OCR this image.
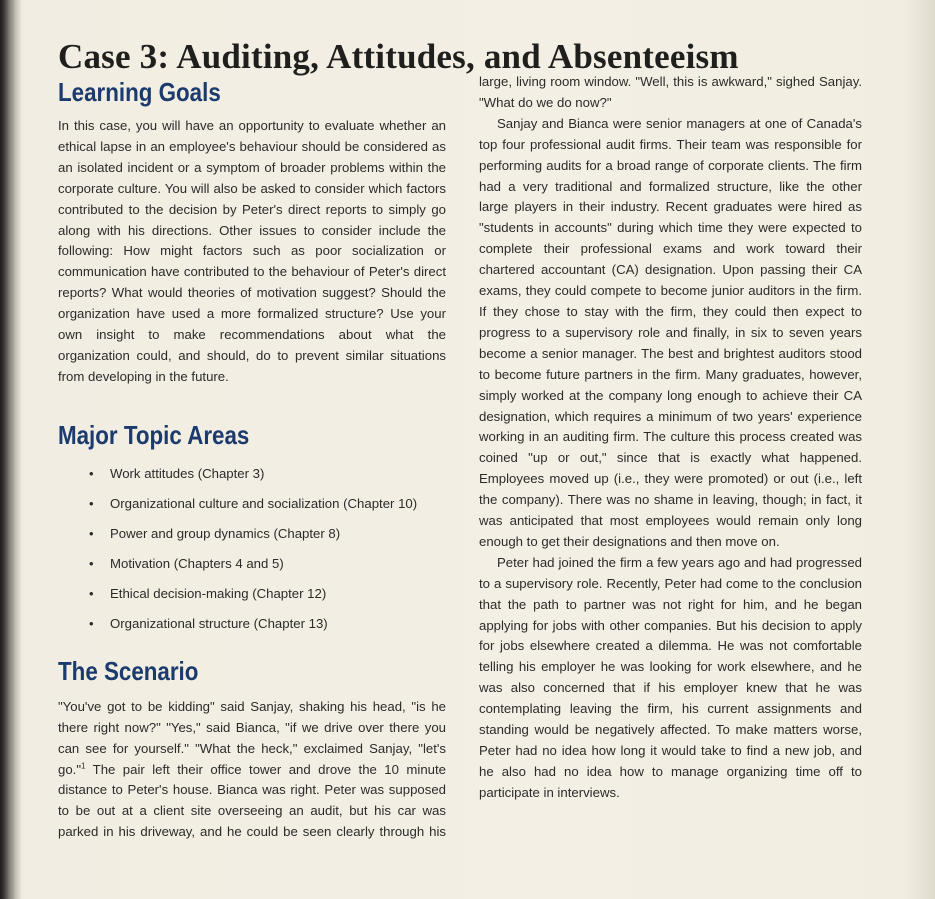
Case 3: Auditing, Attitudes, and Absenteeism
Learning Goals

In this case, you will have an opportunity to evaluate whether an ethical lapse in an employee's behaviour should be considered as an isolated incident or a symptom of broader problems within the corporate culture. You will also be asked to consider which factors contributed to the decision by Peter's direct reports to simply go along with his directions. Other issues to consider include the following: How might factors such as poor socialization or communication have contributed to the behaviour of Peter's direct reports? What would theories of motivation suggest? Should the organization have used a more formalized structure? Use your own insight to make recommendations about what the organization could, and should, do to prevent similar situations from developing in the future.

Major Topic Areas
• Work attitudes (Chapter 3)
• Organizational culture and socialization (Chapter 10)
• Power and group dynamics (Chapter 8)
• Motivation (Chapters 4 and 5)
• Ethical decision-making (Chapter 12)
• Organizational structure (Chapter 13)
The Scenario

"You've got to be kidding" said Sanjay, shaking his head, "is he there right now?" "Yes," said Bianca, "if we drive over there you can see for yourself." "What the heck," exclaimed Sanjay, "let's go."$^1$ The pair left their office tower and drove the 10 minute distance to Peter's house. Bianca was right. Peter was supposed to be out at a client site overseeing an audit, but his car was parked in his driveway, and he could be seen clearly through his

large, living room window. "Well, this is awkward," sighed Sanjay. "What do we do now?"

Sanjay and Bianca were senior managers at one of Canada's top four professional audit firms. Their team was responsible for performing audits for a broad range of corporate clients. The firm had a very traditional and formalized structure, like the other large players in their industry. Recent graduates were hired as "students in accounts" during which time they were expected to complete their professional exams and work toward their chartered accountant (CA) designation. Upon passing their CA exams, they could compete to become junior auditors in the firm. If they chose to stay with the firm, they could then expect to progress to a supervisory role and finally, in six to seven years become a senior manager. The best and brightest auditors stood to become future partners in the firm. Many graduates, however, simply worked at the company long enough to achieve their CA designation, which requires a minimum of two years' experience working in an auditing firm. The culture this process created was coined "up or out," since that is exactly what happened. Employees moved up (i.e., they were promoted) or out (i.e., left the company). There was no shame in leaving, though; in fact, it was anticipated that most employees would remain only long enough to get their designations and then move on.

Peter had joined the firm a few years ago and had progressed to a supervisory role. Recently, Peter had come to the conclusion that the path to partner was not right for him, and he began applying for jobs with other companies. But his decision to apply for jobs elsewhere created a dilemma. He was not comfortable telling his employer he was looking for work elsewhere, and he was also concerned that if his employer knew that he was contemplating leaving the firm, his current assignments and standing would be negatively affected. To make matters worse, Peter had no idea how long it would take to find a new job, and he also had no idea how to manage organizing time off to participate in interviews.
